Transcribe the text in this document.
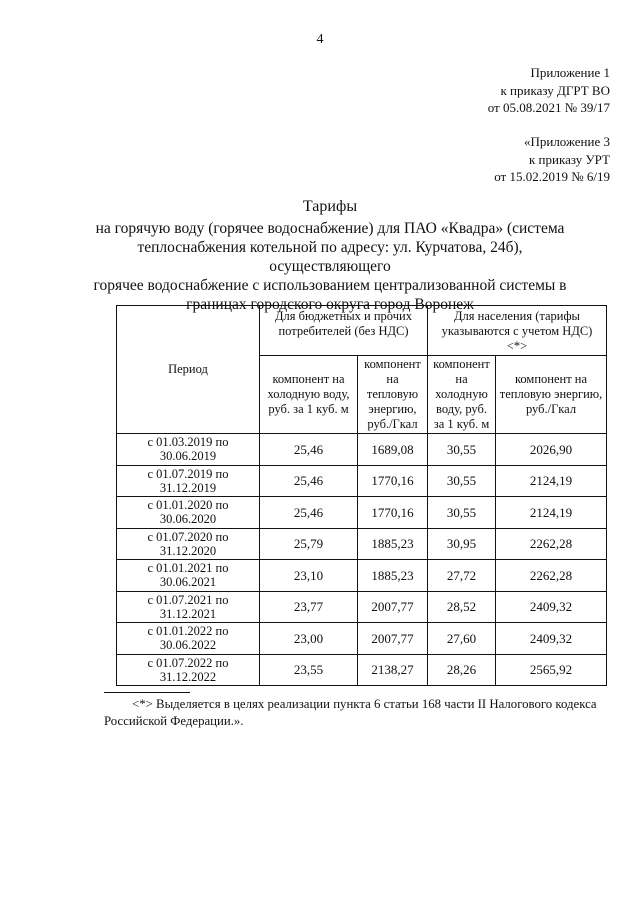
4
Приложение 1
к приказу ДГРТ ВО
от 05.08.2021 № 39/17
«Приложение 3
к приказу УРТ
от 15.02.2019 № 6/19
Тарифы
на горячую воду (горячее водоснабжение) для ПАО «Квадра» (система
теплоснабжения котельной по адресу: ул. Курчатова, 24б), осуществляющего
горячее водоснабжение с использованием централизованной системы в
границах городского округа город Воронеж
Период	Для бюджетных и прочих потребителей (без НДС)		Для населения (тарифы указываются с учетом НДС) <*>	
	компонент на холодную воду, руб. за 1 куб. м	компонент на тепловую энергию, руб./Гкал	компонент на холодную воду, руб. за 1 куб. м	компонент на тепловую энергию, руб./Гкал
с 01.03.2019 по 30.06.2019	25,46	1689,08	30,55	2026,90
с 01.07.2019 по 31.12.2019	25,46	1770,16	30,55	2124,19
с 01.01.2020 по 30.06.2020	25,46	1770,16	30,55	2124,19
с 01.07.2020 по 31.12.2020	25,79	1885,23	30,95	2262,28
с 01.01.2021 по 30.06.2021	23,10	1885,23	27,72	2262,28
с 01.07.2021 по 31.12.2021	23,77	2007,77	28,52	2409,32
с 01.01.2022 по 30.06.2022	23,00	2007,77	27,60	2409,32
с 01.07.2022 по 31.12.2022	23,55	2138,27	28,26	2565,92
<*> Выделяется в целях реализации пункта 6 статьи 168 части II Налогового кодекса Российской Федерации.».
